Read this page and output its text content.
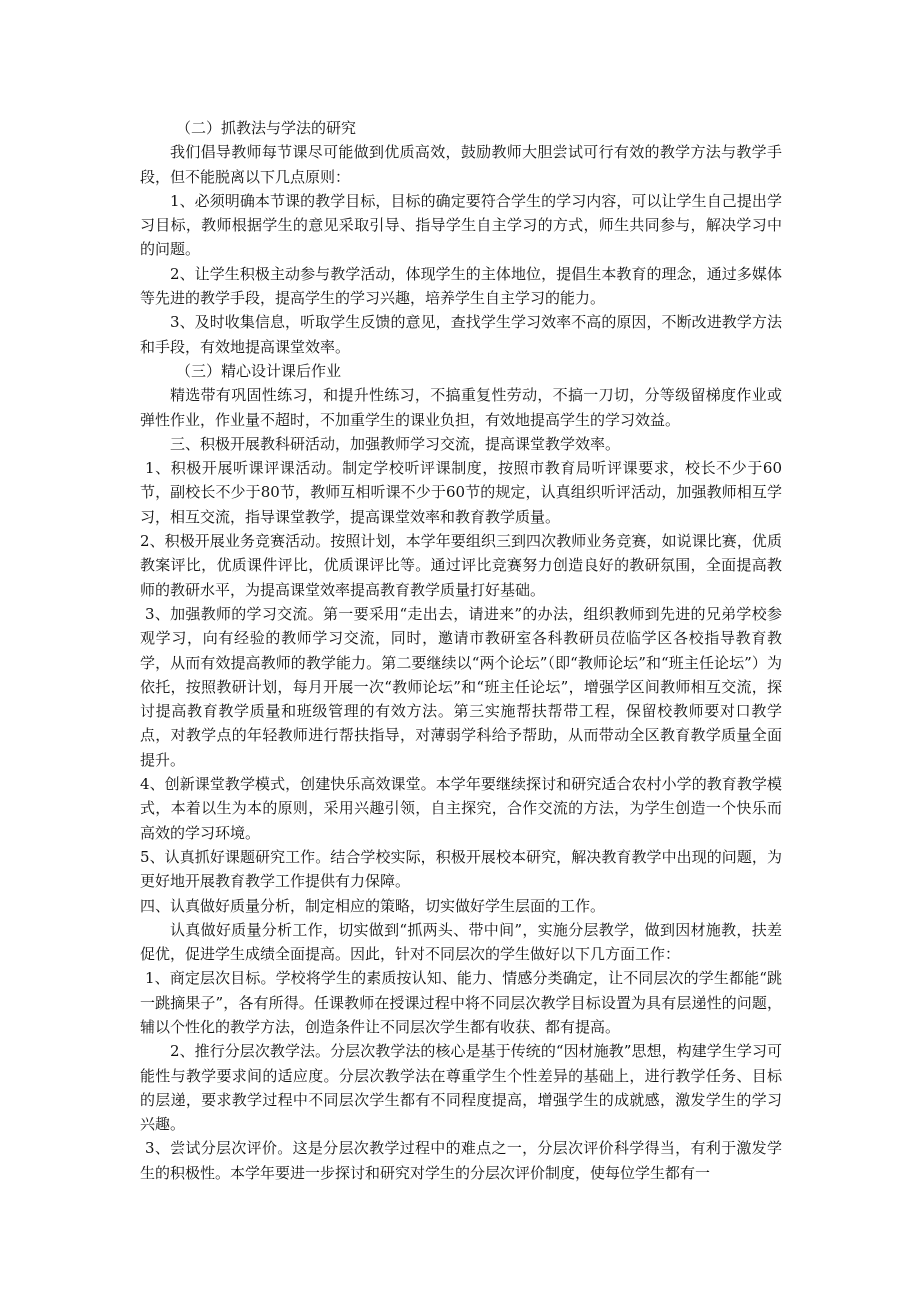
（二）抓教法与学法的研究

我们倡导教师每节课尽可能做到优质高效，鼓励教师大胆尝试可行有效的教学方法与教学手段，但不能脱离以下几点原则：

1、必须明确本节课的教学目标，目标的确定要符合学生的学习内容，可以让学生自己提出学习目标，教师根据学生的意见采取引导、指导学生自主学习的方式，师生共同参与，解决学习中的问题。

2、让学生积极主动参与教学活动，体现学生的主体地位，提倡生本教育的理念，通过多媒体等先进的教学手段，提高学生的学习兴趣，培养学生自主学习的能力。

3、及时收集信息，听取学生反馈的意见，查找学生学习效率不高的原因，不断改进教学方法和手段，有效地提高课堂效率。

（三）精心设计课后作业

精选带有巩固性练习，和提升性练习，不搞重复性劳动，不搞一刀切，分等级留梯度作业或弹性作业，作业量不超时，不加重学生的课业负担，有效地提高学生的学习效益。

三、积极开展教科研活动，加强教师学习交流，提高课堂教学效率。

1、积极开展听课评课活动。制定学校听评课制度，按照市教育局听评课要求，校长不少于60节，副校长不少于80节，教师互相听课不少于60节的规定，认真组织听评活动，加强教师相互学习，相互交流，指导课堂教学，提高课堂效率和教育教学质量。

2、积极开展业务竞赛活动。按照计划，本学年要组织三到四次教师业务竞赛，如说课比赛，优质教案评比，优质课件评比，优质课评比等。通过评比竞赛努力创造良好的教研氛围，全面提高教师的教研水平，为提高课堂效率提高教育教学质量打好基础。

3、加强教师的学习交流。第一要采用“走出去，请进来”的办法，组织教师到先进的兄弟学校参观学习，向有经验的教师学习交流，同时，邀请市教研室各科教研员莅临学区各校指导教育教学，从而有效提高教师的教学能力。第二要继续以“两个论坛”（即“教师论坛”和“班主任论坛”）为依托，按照教研计划，每月开展一次“教师论坛”和“班主任论坛”，增强学区间教师相互交流，探讨提高教育教学质量和班级管理的有效方法。第三实施帮扶帮带工程，保留校教师要对口教学点，对教学点的年轻教师进行帮扶指导，对薄弱学科给予帮助，从而带动全区教育教学质量全面提升。

4、创新课堂教学模式，创建快乐高效课堂。本学年要继续探讨和研究适合农村小学的教育教学模式，本着以生为本的原则，采用兴趣引领，自主探究，合作交流的方法，为学生创造一个快乐而高效的学习环境。

5、认真抓好课题研究工作。结合学校实际，积极开展校本研究，解决教育教学中出现的问题，为更好地开展教育教学工作提供有力保障。

四、认真做好质量分析，制定相应的策略，切实做好学生层面的工作。

认真做好质量分析工作，切实做到“抓两头、带中间”，实施分层教学，做到因材施教，扶差促优，促进学生成绩全面提高。因此，针对不同层次的学生做好以下几方面工作：

1、商定层次目标。学校将学生的素质按认知、能力、情感分类确定，让不同层次的学生都能“跳一跳摘果子”，各有所得。任课教师在授课过程中将不同层次教学目标设置为具有层递性的问题，辅以个性化的教学方法，创造条件让不同层次学生都有收获、都有提高。

2、推行分层次教学法。分层次教学法的核心是基于传统的“因材施教”思想，构建学生学习可能性与教学要求间的适应度。分层次教学法在尊重学生个性差异的基础上，进行教学任务、目标的层递，要求教学过程中不同层次学生都有不同程度提高，增强学生的成就感，激发学生的学习兴趣。

3、尝试分层次评价。这是分层次教学过程中的难点之一，分层次评价科学得当，有利于激发学生的积极性。本学年要进一步探讨和研究对学生的分层次评价制度，使每位学生都有一
